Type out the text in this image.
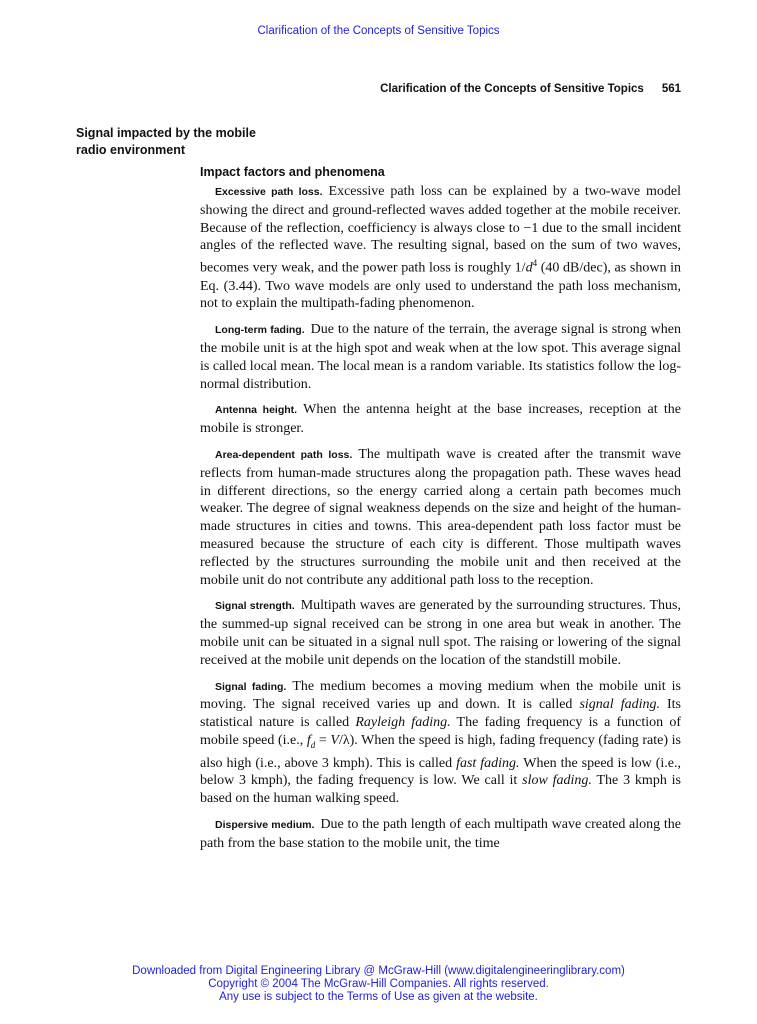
Clarification of the Concepts of Sensitive Topics
Clarification of the Concepts of Sensitive Topics 561
Signal impacted by the mobile radio environment
Impact factors and phenomena

Excessive path loss. Excessive path loss can be explained by a two-wave model showing the direct and ground-reflected waves added together at the mobile receiver. Because of the reflection, coefficiency is always close to −1 due to the small incident angles of the reflected wave. The resulting signal, based on the sum of two waves, becomes very weak, and the power path loss is roughly $1/d^4$ (40 dB/dec), as shown in Eq. (3.44). Two wave models are only used to understand the path loss mechanism, not to explain the multipath-fading phenomenon.

Long-term fading. Due to the nature of the terrain, the average signal is strong when the mobile unit is at the high spot and weak when at the low spot. This average signal is called local mean. The local mean is a random variable. Its statistics follow the log-normal distribution.

Antenna height. When the antenna height at the base increases, reception at the mobile is stronger.

Area-dependent path loss. The multipath wave is created after the transmit wave reflects from human-made structures along the propagation path. These waves head in different directions, so the energy carried along a certain path becomes much weaker. The degree of signal weakness depends on the size and height of the human-made structures in cities and towns. This area-dependent path loss factor must be measured because the structure of each city is different. Those multipath waves reflected by the structures surrounding the mobile unit and then received at the mobile unit do not contribute any additional path loss to the reception.

Signal strength. Multipath waves are generated by the surrounding structures. Thus, the summed-up signal received can be strong in one area but weak in another. The mobile unit can be situated in a signal null spot. The raising or lowering of the signal received at the mobile unit depends on the location of the standstill mobile.

Signal fading. The medium becomes a moving medium when the mobile unit is moving. The signal received varies up and down. It is called signal fading. Its statistical nature is called Rayleigh fading. The fading frequency is a function of mobile speed (i.e., $f_d = V/\lambda$). When the speed is high, fading frequency (fading rate) is also high (i.e., above 3 kmph). This is called fast fading. When the speed is low (i.e., below 3 kmph), the fading frequency is low. We call it slow fading. The 3 kmph is based on the human walking speed.

Dispersive medium. Due to the path length of each multipath wave created along the path from the base station to the mobile unit, the time

Downloaded from Digital Engineering Library @ McGraw-Hill (www.digitalengineeringlibrary.com)
Copyright © 2004 The McGraw-Hill Companies. All rights reserved.
Any use is subject to the Terms of Use as given at the website.
